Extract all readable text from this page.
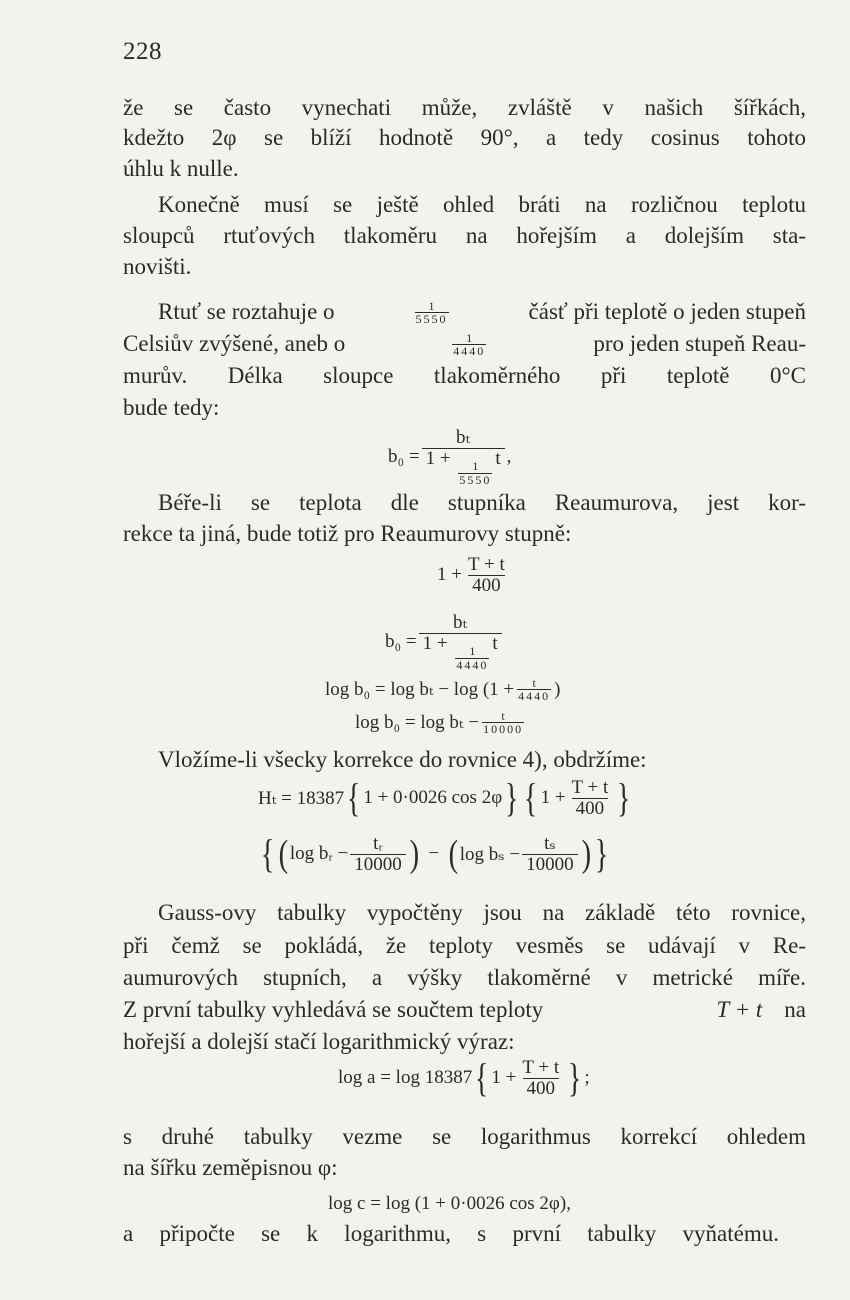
228
že se často vynechati může, zvláště v našich šířkách,
kdežto 2φ se blíží hodnotě 90°, a tedy cosinus tohoto
úhlu k nulle.
Konečně musí se ještě ohled bráti na rozličnou teplotu
sloupců rtuťových tlakoměru na hořejším a dolejším sta-
novišti.
Rtuť se roztahuje o	$\frac{1}{5550}$	čásť při teplotě o jeden stupeň
Celsiův zvýšené, aneb o	$\frac{1}{4440}$	pro jeden stupeň Reau-
murův. Délka sloupce tlakoměrného při teplotě 0°C
bude tedy:
b₀ = bₜ
1 +
$\frac{1}{5550}$
t ,
Béře-li se teplota dle stupníka Reaumurova, jest kor-
rekce ta jiná, bude totiž pro Reaumurovy stupně:
$1 + \frac{T + t}{400}$
b₀ = bₜ
1 +
$\frac{1}{4440}$
t
$\log b_0 = \log b_t - \log (1 + \frac{t}{4440}$ )
$\log b_0 = \log b_t - \frac{t}{10000}$
Vložíme-li všecky korrekce do rovnice 4), obdržíme:
Hₜ = 18387 { 1 + 0·0026 cos 2φ } { $1 + \frac{T + t}{400}$ }
{ ( log bᵣ − $\frac{\text{tᵣ}}{10000}$ ) − ( $\log b_s - \frac{\text{tₛ}}{10000}$ ) }
Gauss-ovy tabulky vypočtěny jsou na základě této rovnice,
při čemž se pokládá, že teploty vesměs se udávají v Re-
aumurových stupních, a výšky tlakoměrné v metrické míře.
Z první tabulky vyhledává se součtem teploty	T + t na
hořejší a dolejší stačí logarithmický výraz:
log a = log 18387 { $1 + \frac{T + t}{400}$ } ;
s druhé tabulky vezme se logarithmus korrekcí ohledem
na šířku zeměpisnou φ:
log c = log (1 + 0·0026 cos 2φ),
a připočte se k logarithmu, s první tabulky vyňatému.
